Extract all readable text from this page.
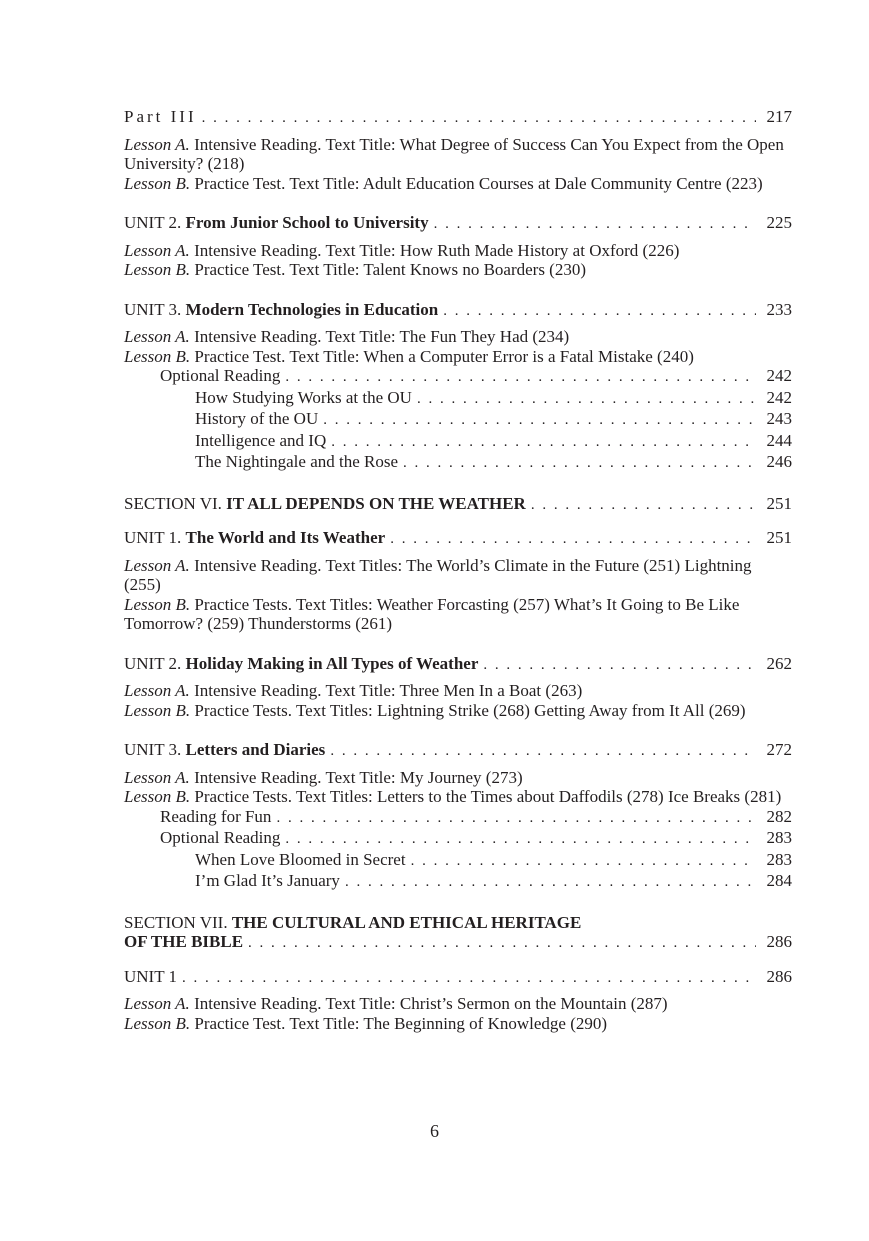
Part III . . .	217

Lesson A. Intensive Reading. Text Title: What Degree of Success Can You Expect from the Open University? (218)

Lesson B. Practice Test. Text Title: Adult Education Courses at Dale Community Centre (223)

UNIT 2. From Junior School to University . . .	225

Lesson A. Intensive Reading. Text Title: How Ruth Made History at Oxford (226)

Lesson B. Practice Test. Text Title: Talent Knows no Boarders (230)

UNIT 3. Modern Technologies in Education . . .	233

Lesson A. Intensive Reading. Text Title: The Fun They Had (234)

Lesson B. Practice Test. Text Title: When a Computer Error is a Fatal Mistake (240)

Optional Reading . . .	242
How Studying Works at the OU . . .	242
History of the OU . . .	243
Intelligence and IQ . . .	244
The Nightingale and the Rose . . .	246
SECTION VI. IT ALL DEPENDS ON THE WEATHER . . .	251
UNIT 1. The World and Its Weather . . .	251

Lesson A. Intensive Reading. Text Titles: The World’s Climate in the Future (251) Lightning (255)

Lesson B. Practice Tests. Text Titles: Weather Forcasting (257) What’s It Going to Be Like Tomorrow? (259) Thunderstorms (261)

UNIT 2. Holiday Making in All Types of Weather . . .	262

Lesson A. Intensive Reading. Text Title: Three Men In a Boat (263)

Lesson B. Practice Tests. Text Titles: Lightning Strike (268) Getting Away from It All (269)

UNIT 3. Letters and Diaries . . .	272

Lesson A. Intensive Reading. Text Title: My Journey (273)

Lesson B. Practice Tests. Text Titles: Letters to the Times about Daffodils (278) Ice Breaks (281)

Reading for Fun . . .	282
Optional Reading . . .	283
When Love Bloomed in Secret . . .	283
I’m Glad It’s January . . .	284
SECTION VII. THE CULTURAL AND ETHICAL HERITAGE
OF THE BIBLE . . .	286
UNIT 1 . . .	286

Lesson A. Intensive Reading. Text Title: Christ’s Sermon on the Mountain (287)

Lesson B. Practice Test. Text Title: The Beginning of Knowledge (290)

6
